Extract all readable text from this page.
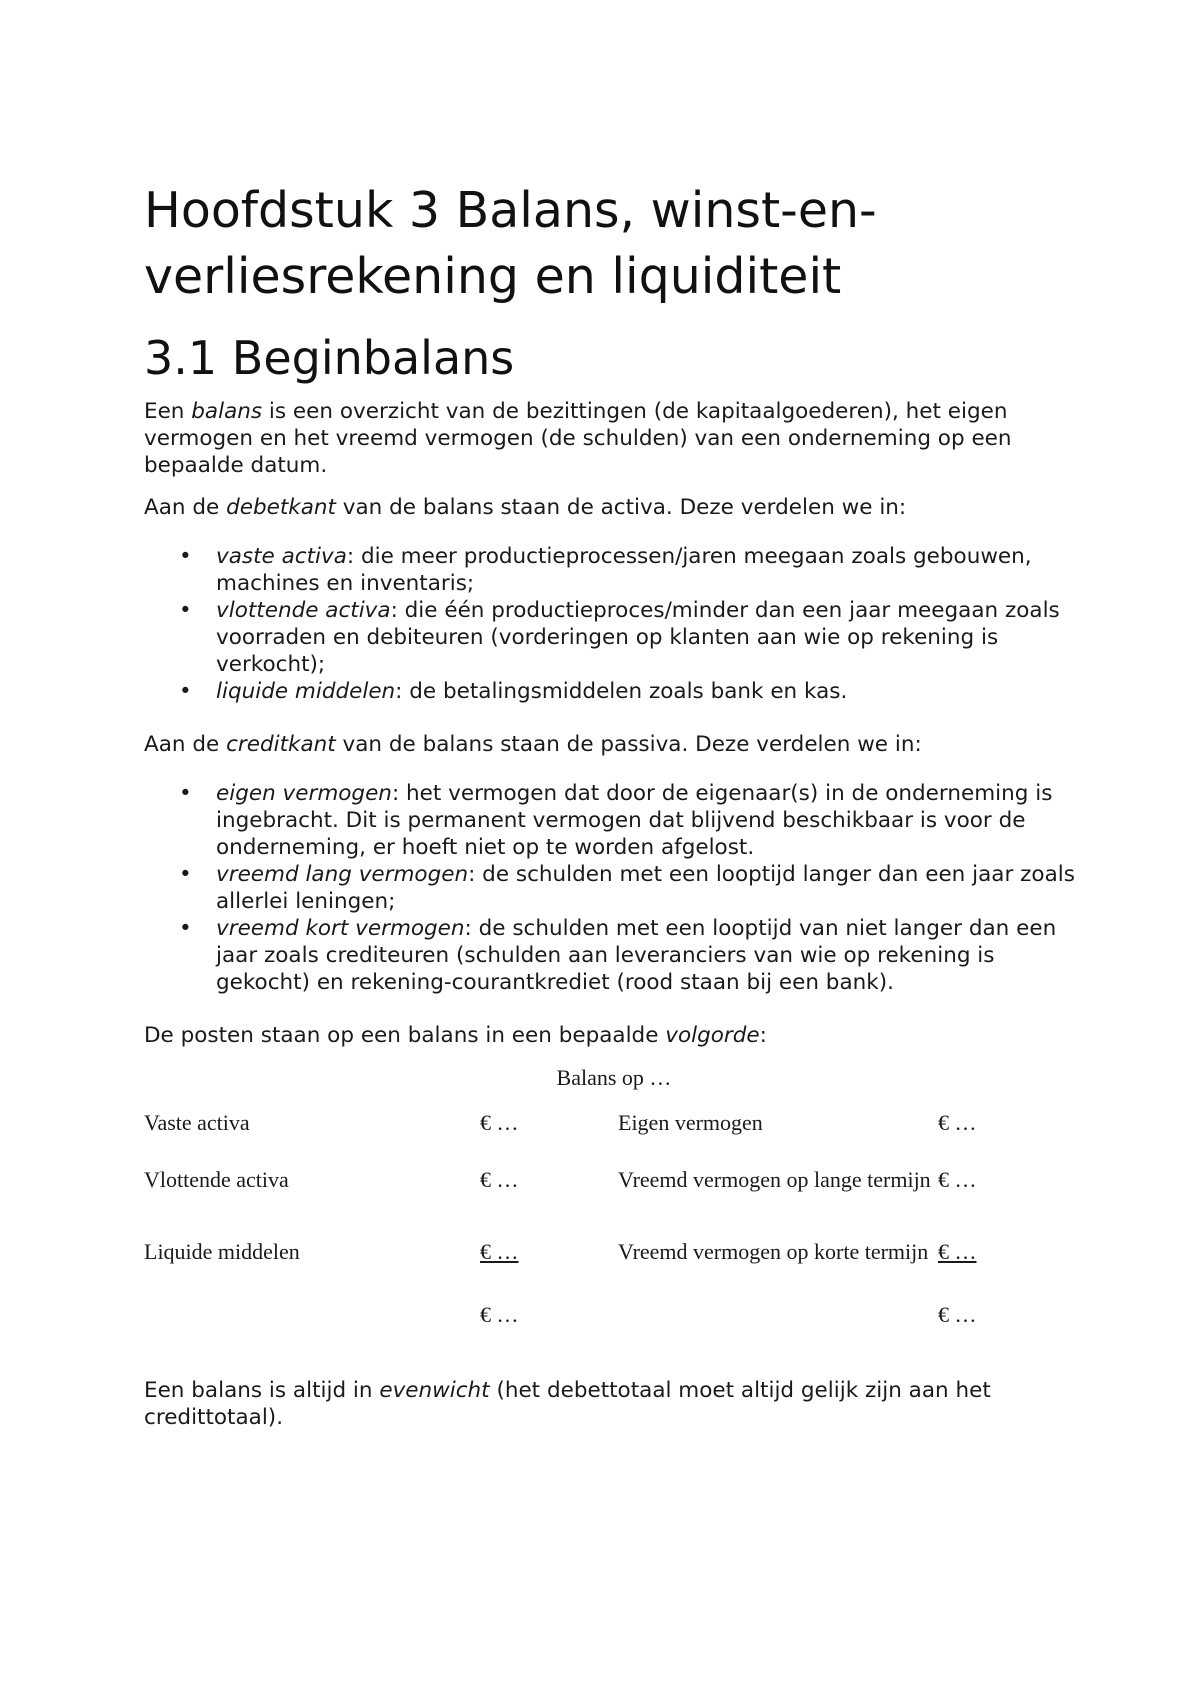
Hoofdstuk 3 Balans, winst-en-verliesrekening en liquiditeit
3.1 Beginbalans

Een balans is een overzicht van de bezittingen (de kapitaalgoederen), het eigen vermogen en het vreemd vermogen (de schulden) van een onderneming op een bepaalde datum.

Aan de debetkant van de balans staan de activa. Deze verdelen we in:

• vaste activa: die meer productieprocessen/jaren meegaan zoals gebouwen, machines en inventaris;
• vlottende activa: die één productieproces/minder dan een jaar meegaan zoals voorraden en debiteuren (vorderingen op klanten aan wie op rekening is verkocht);
• liquide middelen: de betalingsmiddelen zoals bank en kas.

Aan de creditkant van de balans staan de passiva. Deze verdelen we in:

• eigen vermogen: het vermogen dat door de eigenaar(s) in de onderneming is ingebracht. Dit is permanent vermogen dat blijvend beschikbaar is voor de onderneming, er hoeft niet op te worden afgelost.
• vreemd lang vermogen: de schulden met een looptijd langer dan een jaar zoals allerlei leningen;
• vreemd kort vermogen: de schulden met een looptijd van niet langer dan een jaar zoals crediteuren (schulden aan leveranciers van wie op rekening is gekocht) en rekening-courantkrediet (rood staan bij een bank).

De posten staan op een balans in een bepaalde volgorde:

Balans op …
Vaste activa	€ …	Eigen vermogen	€ …
Vlottende activa	€ …	Vreemd vermogen op lange termijn	€ …
Liquide middelen	€ …	Vreemd vermogen op korte termijn	€ …
	€ …		€ …

Een balans is altijd in evenwicht (het debettotaal moet altijd gelijk zijn aan het credittotaal).
